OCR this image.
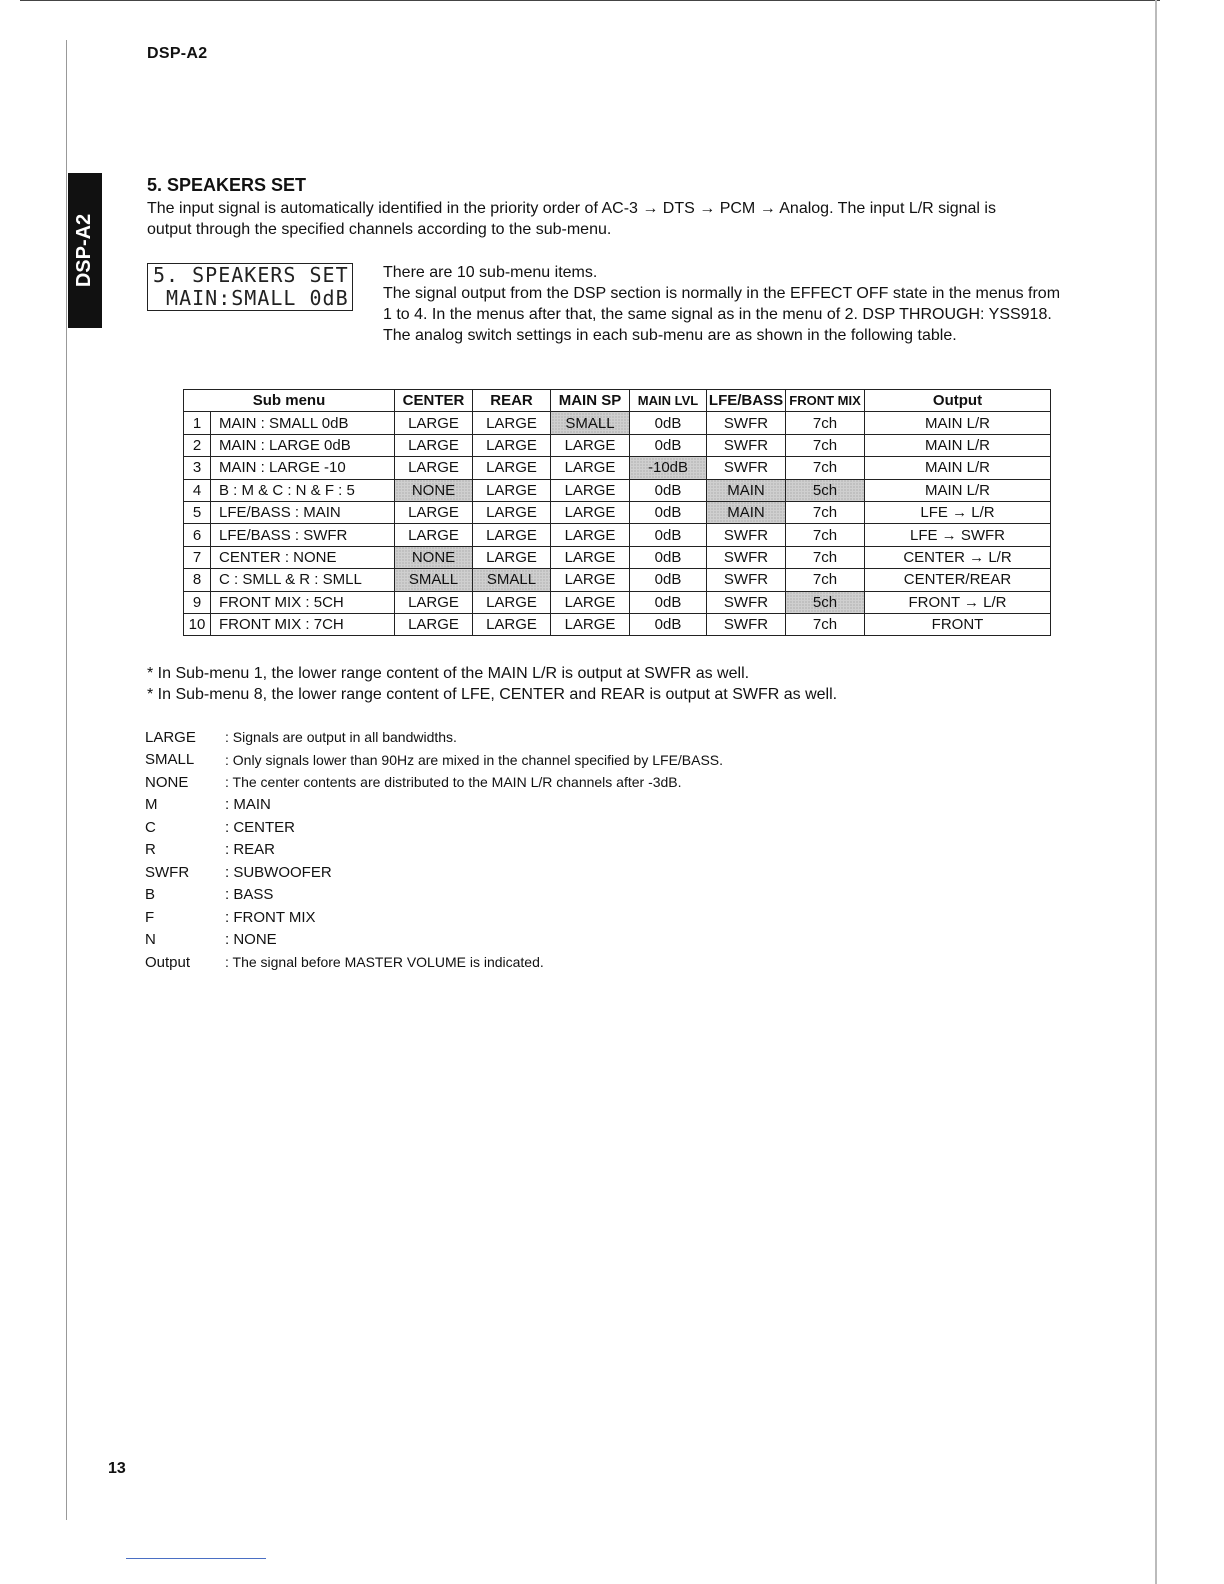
DSP-A2
DSP-A2
5. SPEAKERS SET
The input signal is automatically identified in the priority order of AC-3 → DTS → PCM → Analog. The input L/R signal is output through the specified channels according to the sub-menu.
5. SPEAKERS SET
MAIN:SMALL 0dB

There are 10 sub-menu items.

The signal output from the DSP section is normally in the EFFECT OFF state in the menus from 1 to 4. In the menus after that, the same signal as in the menu of 2. DSP THROUGH: YSS918. The analog switch settings in each sub-menu are as shown in the following table.

Sub menu		CENTER	REAR	MAIN SP	MAIN LVL	LFE/BASS	FRONT MIX	Output
1	MAIN : SMALL 0dB	LARGE	LARGE	SMALL	0dB	SWFR	7ch	MAIN L/R
2	MAIN : LARGE 0dB	LARGE	LARGE	LARGE	0dB	SWFR	7ch	MAIN L/R
3	MAIN : LARGE -10	LARGE	LARGE	LARGE	-10dB	SWFR	7ch	MAIN L/R
4	B : M & C : N & F : 5	NONE	LARGE	LARGE	0dB	MAIN	5ch	MAIN L/R
5	LFE/BASS : MAIN	LARGE	LARGE	LARGE	0dB	MAIN	7ch	LFE → L/R
6	LFE/BASS : SWFR	LARGE	LARGE	LARGE	0dB	SWFR	7ch	LFE → SWFR
7	CENTER : NONE	NONE	LARGE	LARGE	0dB	SWFR	7ch	CENTER → L/R
8	C : SMLL & R : SMLL	SMALL	SMALL	LARGE	0dB	SWFR	7ch	CENTER/REAR
9	FRONT MIX : 5CH	LARGE	LARGE	LARGE	0dB	SWFR	5ch	FRONT → L/R
10	FRONT MIX : 7CH	LARGE	LARGE	LARGE	0dB	SWFR	7ch	FRONT

* In Sub-menu 1, the lower range content of the MAIN L/R is output at SWFR as well.

* In Sub-menu 8, the lower range content of LFE, CENTER and REAR is output at SWFR as well.

LARGE	: Signals are output in all bandwidths.
SMALL	: Only signals lower than 90Hz are mixed in the channel specified by LFE/BASS.
NONE	: The center contents are distributed to the MAIN L/R channels after -3dB.
M	: MAIN
C	: CENTER
R	: REAR
SWFR	: SUBWOOFER
B	: BASS
F	: FRONT MIX
N	: NONE
Output	: The signal before MASTER VOLUME is indicated.
13
